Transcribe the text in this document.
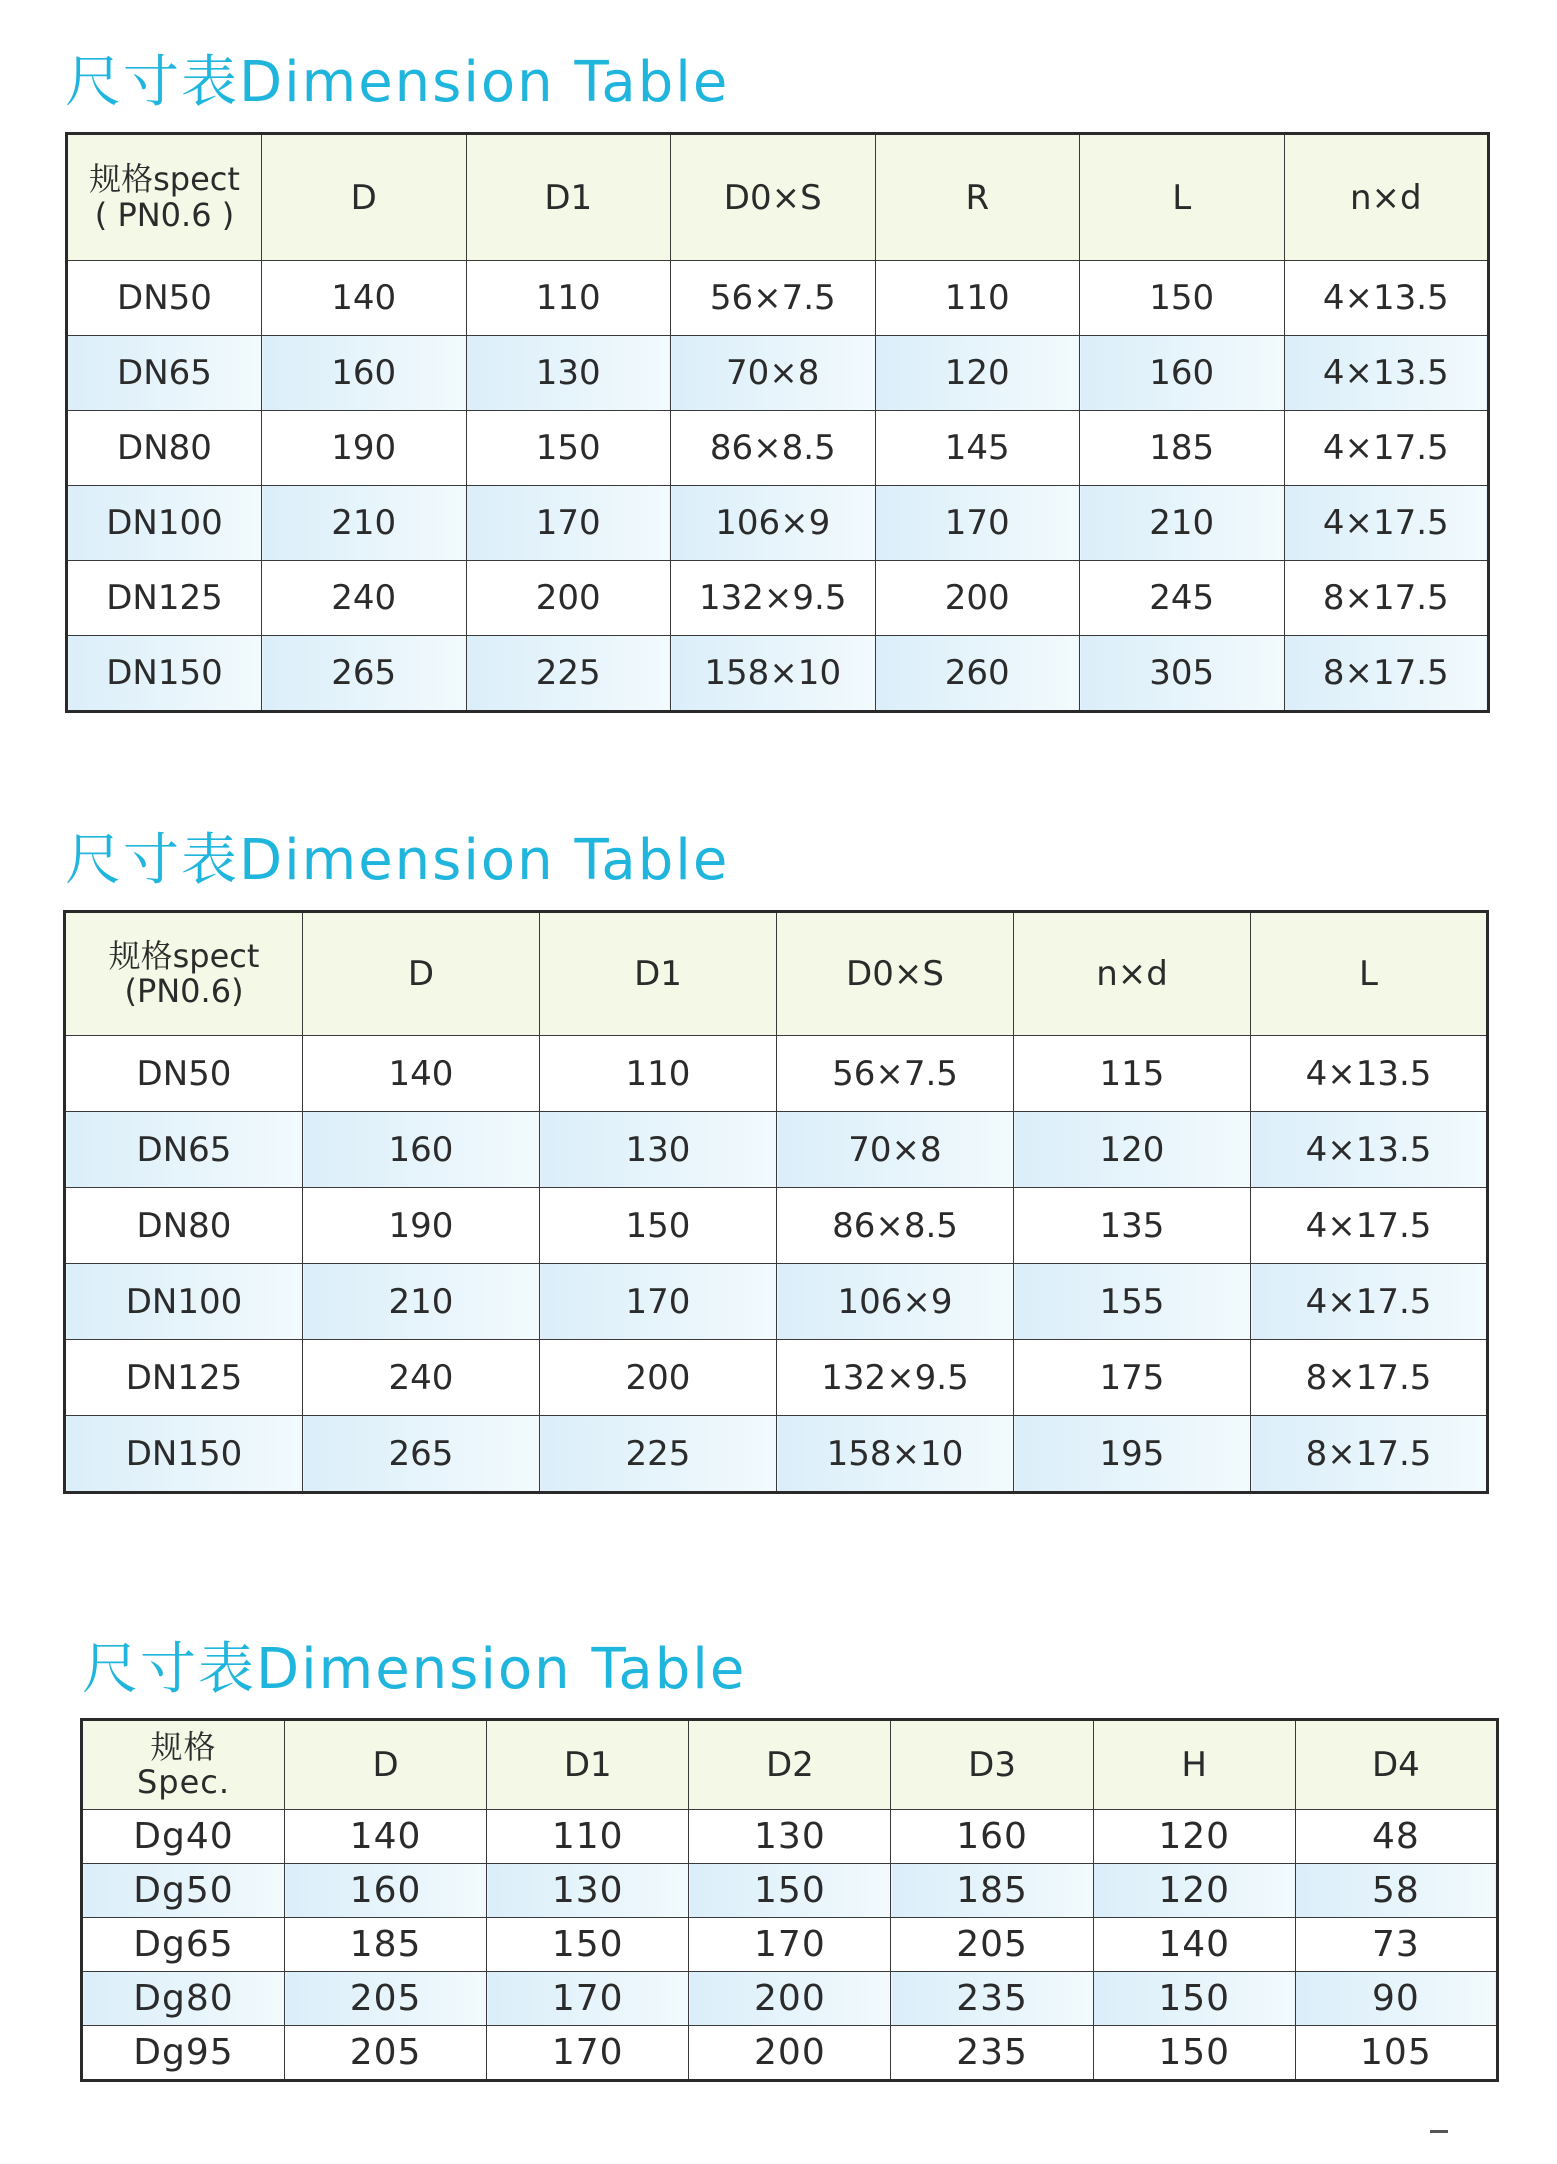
尺寸表Dimension Table
规格spect
( PN0.6 )	D	D1	D0×S	R	L	n×d
DN50	140	110	56×7.5	110	150	4×13.5
DN65	160	130	70×8	120	160	4×13.5
DN80	190	150	86×8.5	145	185	4×17.5
DN100	210	170	106×9	170	210	4×17.5
DN125	240	200	132×9.5	200	245	8×17.5
DN150	265	225	158×10	260	305	8×17.5
尺寸表Dimension Table
规格spect
(PN0.6)	D	D1	D0×S	n×d	L
DN50	140	110	56×7.5	115	4×13.5
DN65	160	130	70×8	120	4×13.5
DN80	190	150	86×8.5	135	4×17.5
DN100	210	170	106×9	155	4×17.5
DN125	240	200	132×9.5	175	8×17.5
DN150	265	225	158×10	195	8×17.5
尺寸表Dimension Table
规格
Spec.	D	D1	D2	D3	H	D4
Dg40	140	110	130	160	120	48
Dg50	160	130	150	185	120	58
Dg65	185	150	170	205	140	73
Dg80	205	170	200	235	150	90
Dg95	205	170	200	235	150	105
